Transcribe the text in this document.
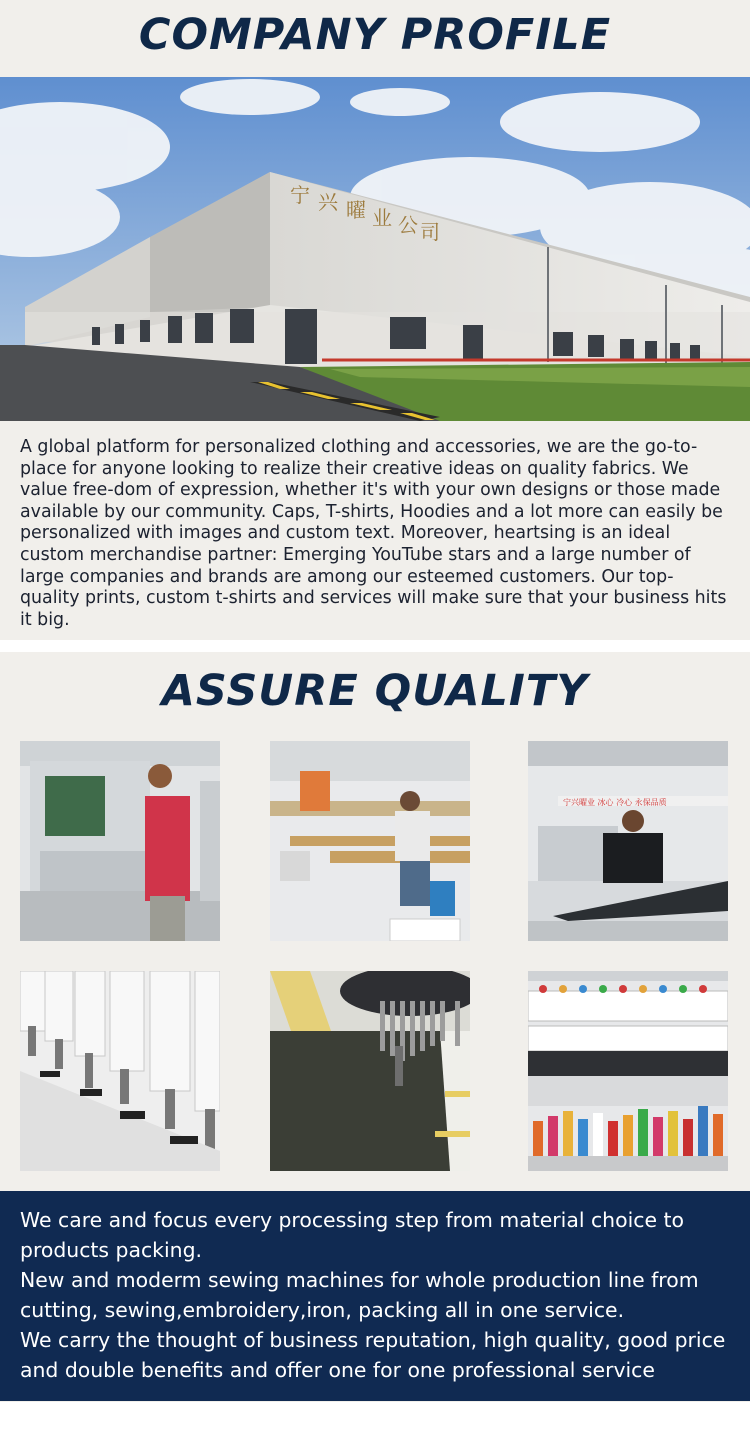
COMPANY PROFILE
宁 兴 曜 业 公 司

A global platform for personalized clothing and accessories, we are the go-to-place for anyone looking to realize their creative ideas on quality fabrics. We value free-dom of expression, whether it's with your own designs or those made available by our community. Caps, T-shirts, Hoodies and a lot more can easily be personalized with images and custom text. Moreover, heartsing is an ideal custom merchandise partner: Emerging YouTube stars and a large number of large companies and brands are among our esteemed customers. Our top-quality prints, custom t-shirts and services will make sure that your business hits it big.

ASSURE QUALITY
宁兴曜业 冰心 冷心 永保品质

We care and focus every processing step from material choice to products packing.

New and moderm sewing machines for whole production line from cutting, sewing,embroidery,iron, packing all in one service.

We carry the thought of business reputation, high quality, good price and double benefits and offer one for one professional service
